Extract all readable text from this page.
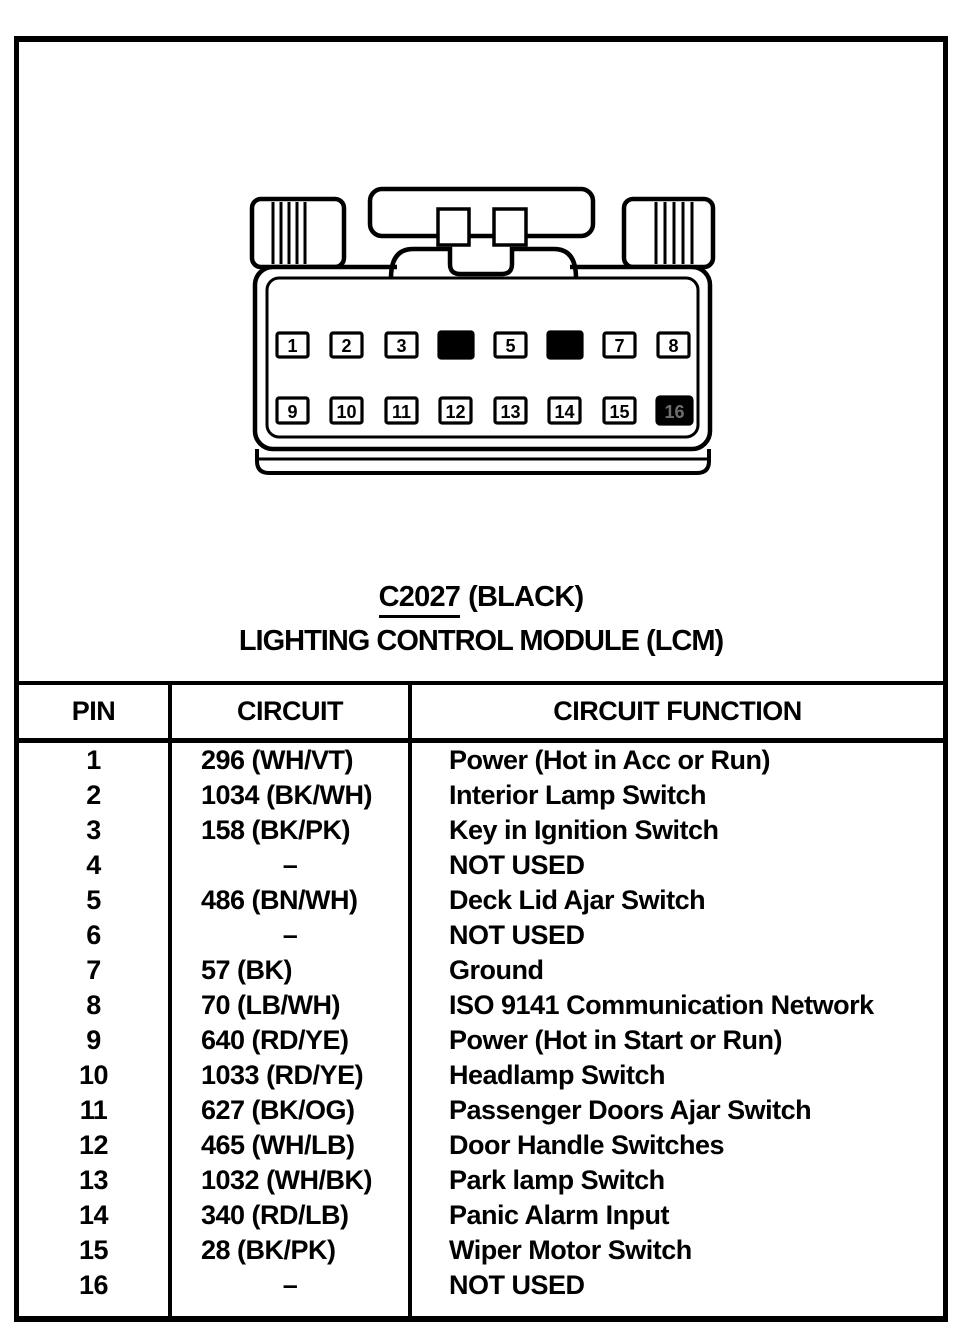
1 2 3	5	7 8
9 10 11 12 13 14 15 16
C2027 (BLACK)
LIGHTING CONTROL MODULE (LCM)
PIN	CIRCUIT	CIRCUIT FUNCTION
1	296 (WH/VT)	Power (Hot in Acc or Run)
2	1034 (BK/WH)	Interior Lamp Switch
3	158 (BK/PK)	Key in Ignition Switch
4	–	NOT USED
5	486 (BN/WH)	Deck Lid Ajar Switch
6	–	NOT USED
7	57 (BK)	Ground
8	70 (LB/WH)	ISO 9141 Communication Network
9	640 (RD/YE)	Power (Hot in Start or Run)
10	1033 (RD/YE)	Headlamp Switch
11	627 (BK/OG)	Passenger Doors Ajar Switch
12	465 (WH/LB)	Door Handle Switches
13	1032 (WH/BK)	Park lamp Switch
14	340 (RD/LB)	Panic Alarm Input
15	28 (BK/PK)	Wiper Motor Switch
16	–	NOT USED
